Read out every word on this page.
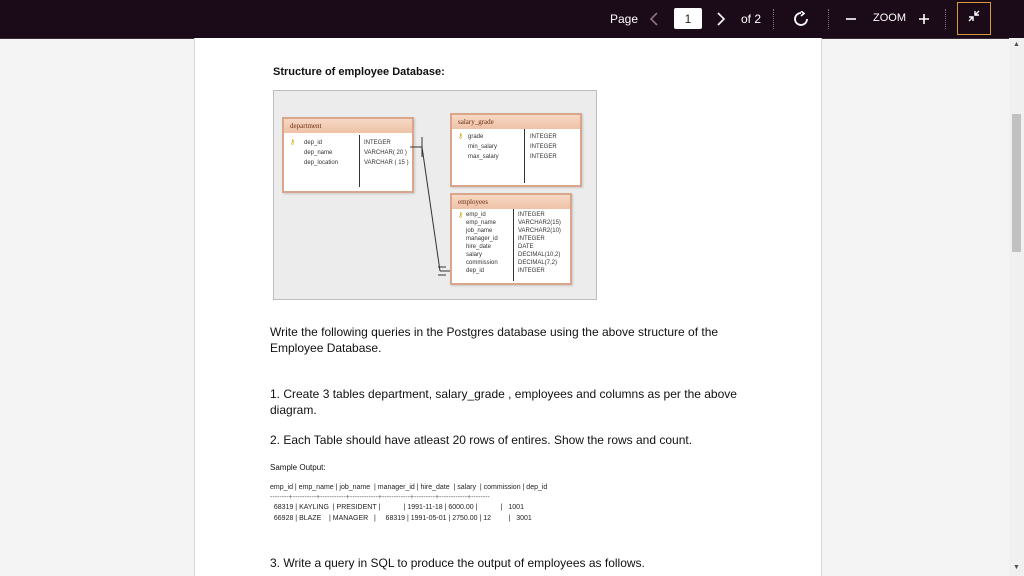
Page
1	of 2	ZOOM
Structure of employee Database:
department
⚷ dep_id
dep_name
dep_location
INTEGER
VARCHAR( 20 )
VARCHAR ( 15 )
salary_grade
⚷ grade
min_salary
max_salary
INTEGER
INTEGER
INTEGER
employees
⚷ emp_id
emp_name
job_name
manager_id
hire_date
salary
commission
dep_id
INTEGER
VARCHAR2(15)
VARCHAR2(10)
INTEGER
DATE
DECIMAL(10,2)
DECIMAL(7,2)
INTEGER
Write the following queries in the Postgres database using the above structure of the Employee Database.
1. Create 3 tables department, salary_grade , employees and columns as per the above diagram.
2. Each Table should have atleast 20 rows of entires. Show the rows and count.
Sample Output:
emp_id | emp_name | job_name  | manager_id | hire_date  | salary  | commission | dep_id
--------+----------+-----------+------------+------------+---------+------------+--------
68319 | KAYLING  | PRESIDENT |            | 1991-11-18 | 6000.00 |            |   1001
66928 | BLAZE    | MANAGER   |     68319 | 1991-05-01 | 2750.00 | 12         |   3001
3. Write a query in SQL to produce the output of employees as follows.
▲
▼
